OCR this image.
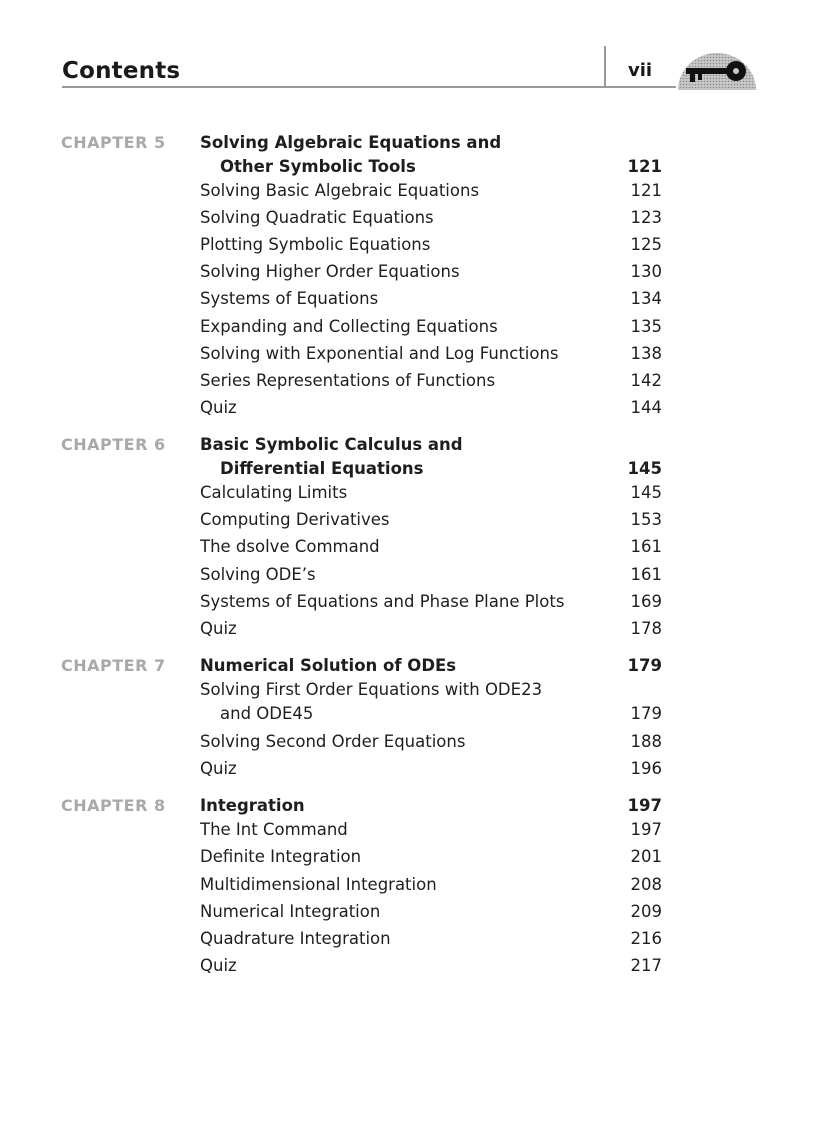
Contents	vii
CHAPTER 5 Solving Algebraic Equations and
Other Symbolic Tools	121
Solving Basic Algebraic Equations	121
Solving Quadratic Equations	123
Plotting Symbolic Equations	125
Solving Higher Order Equations	130
Systems of Equations	134
Expanding and Collecting Equations	135
Solving with Exponential and Log Functions	138
Series Representations of Functions	142
Quiz	144
CHAPTER 6 Basic Symbolic Calculus and
Differential Equations	145
Calculating Limits	145
Computing Derivatives	153
The dsolve Command	161
Solving ODE’s	161
Systems of Equations and Phase Plane Plots	169
Quiz	178
CHAPTER 7 Numerical Solution of ODEs	179
Solving First Order Equations with ODE23
and ODE45	179
Solving Second Order Equations	188
Quiz	196
CHAPTER 8 Integration	197
The Int Command	197
Definite Integration	201
Multidimensional Integration	208
Numerical Integration	209
Quadrature Integration	216
Quiz	217
